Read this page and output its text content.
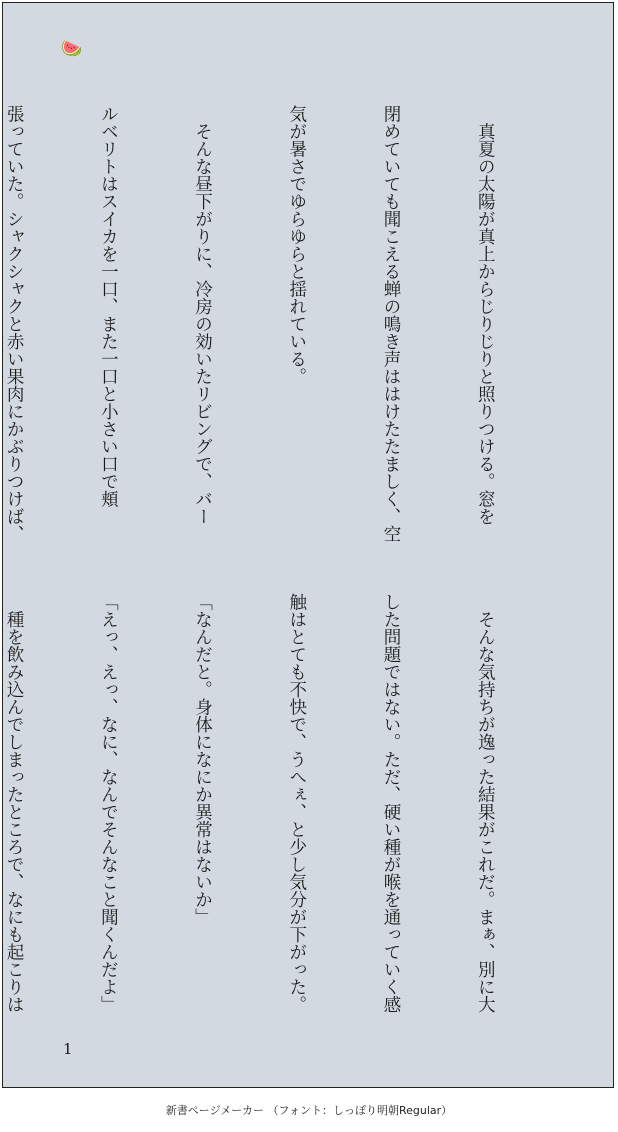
🍉

　真夏の太陽が真上からじりじりと照りつける。窓を

閉めていても聞こえる蝉の鳴き声ははけたたましく、空

気が暑さでゆらゆらと揺れている。

　そんな昼下がりに、冷房の効いたリビングで、バー

ルベリトはスイカを一口、また一口と小さい口で頬

張っていた。シャクシャクと赤い果肉にかぶりつけば、

　そんな気持ちが逸った結果がこれだ。まぁ、別に大

した問題ではない。ただ、硬い種が喉を通っていく感

触はとても不快で、うへぇ、と少し気分が下がった。

「なんだと。身体になにか異常はないか」

「えっ、えっ、なに、なんでそんなこと聞くんだよ」

　種を飲み込んでしまったところで、なにも起こりは

1
新書ページメーカー （フォント：しっぽり明朝Regular）
